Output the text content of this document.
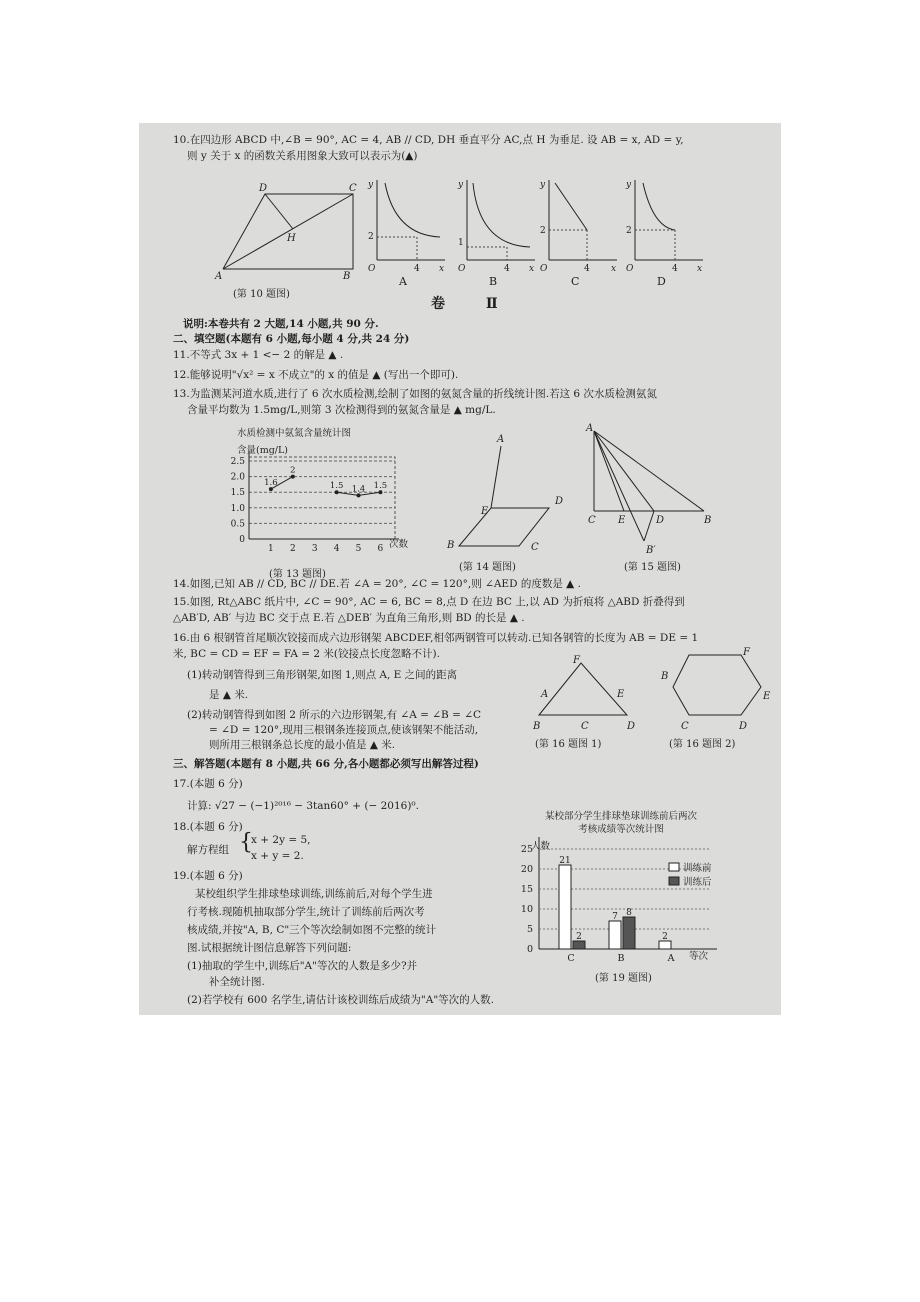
10.在四边形 ABCD 中,∠B = 90°, AC = 4, AB // CD, DH 垂直平分 AC,点 H 为垂足. 设 AB = x, AD = y,
则 y 关于 x 的函数关系用图象大致可以表示为(▲)
A	B
C
D
H
(第 10 题图)
y
2
4 x
O
A
y
1
4 x
O
B
y
2
4 x
O
C
y
2
4 x
O
D
卷 Ⅱ
说明:本卷共有 2 大题,14 小题,共 90 分.
二、填空题(本题有 6 小题,每小题 4 分,共 24 分)
11.不等式 3x + 1 <− 2 的解是 ▲ .
12.能够说明"√x² = x 不成立"的 x 的值是 ▲ (写出一个即可).
13.为监测某河道水质,进行了 6 次水质检测,绘制了如图的氨氮含量的折线统计图.若这 6 次水质检测氨氮
含量平均数为 1.5mg/L,则第 3 次检测得到的氨氮含量是 ▲ mg/L.
水质检测中氨氮含量统计图
含量(mg/L)
次数
(第 13 题图)
0
0.5
1.0
1.5
2.0
2.5
1 2 3 4 5 6
1.6
2
1.5 1.4 1.5
A
B	C
D
E
(第 14 题图)
A
C E	D	B
B′
(第 15 题图)
14.如图,已知 AB // CD, BC // DE.若 ∠A = 20°, ∠C = 120°,则 ∠AED 的度数是 ▲ .
15.如图, Rt△ABC 纸片中, ∠C = 90°, AC = 6, BC = 8,点 D 在边 BC 上,以 AD 为折痕将 △ABD 折叠得到
△AB′D, AB′ 与边 BC 交于点 E.若 △DEB′ 为直角三角形,则 BD 的长是 ▲ .
16.由 6 根钢管首尾顺次铰接而成六边形钢架 ABCDEF,相邻两钢管可以转动.已知各钢管的长度为 AB = DE = 1
米, BC = CD = EF = FA = 2 米(铰接点长度忽略不计).
(1)转动钢管得到三角形钢架,如图 1,则点 A, E 之间的距离
是 ▲ 米.
(2)转动钢管得到如图 2 所示的六边形钢架,有 ∠A = ∠B = ∠C
= ∠D = 120°,现用三根钢条连接顶点,使该钢架不能活动,
则所用三根钢条总长度的最小值是 ▲ 米.
F
A	E
B	C	D
(第 16 题图 1)
F
B
E
C	D
(第 16 题图 2)
三、解答题(本题有 8 小题,共 66 分,各小题都必须写出解答过程)
17.(本题 6 分)
计算: √27 − (−1)²⁰¹⁶ − 3tan60° + (− 2016)⁰.
18.(本题 6 分)
解方程组 {
x + 2y = 5,
x + y = 2.
19.(本题 6 分)
某校组织学生排球垫球训练,训练前后,对每个学生进
行考核.现随机抽取部分学生,统计了训练前后两次考
核成绩,并按"A, B, C"三个等次绘制如图不完整的统计
图.试根据统计图信息解答下列问题:
(1)抽取的学生中,训练后"A"等次的人数是多少?并
补全统计图.
(2)若学校有 600 名学生,请估计该校训练后成绩为"A"等次的人数.
某校部分学生排球垫球训练前后两次考核成绩等次统计图
人数
等次
(第 19 题图)
0
5
10
15
20
25
21
2
C
7 8
B
2
A
训练前
训练后
